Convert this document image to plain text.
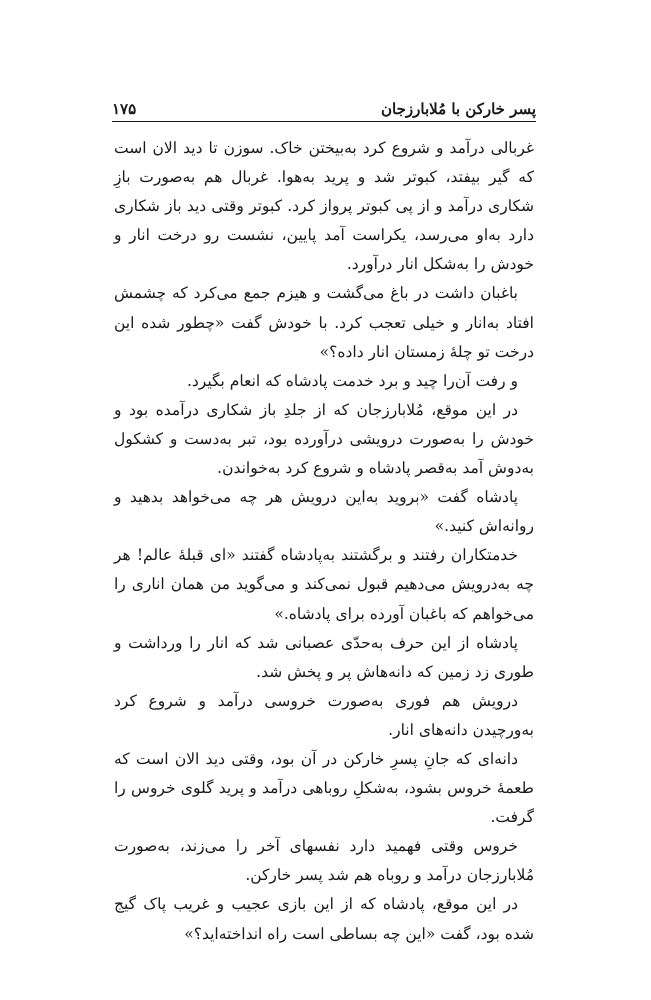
پسر خارکن با مُلابارزجان
۱۷۵

غربالی درآمد و شروع کرد به‌بیختن خاک. سوزن تا دید الان است که گیر بیفتد، کبوتر شد و پرید به‌هوا. غربال هم به‌صورت بازِ شکاری درآمد و از پی کبوتر پرواز کرد. کبوتر وقتی دید باز شکاری دارد به‌او می‌رسد، یکراست آمد پایین، نشست رو درخت انار و خودش را به‌شکل انار درآورد.

باغبان داشت در باغ می‌گشت و هیزم جمع می‌کرد که چشمش افتاد به‌انار و خیلی تعجب کرد. با خودش گفت «چطور شده این درخت تو چلهٔ زمستان انار داده؟»

و رفت آن‌را چید و برد خدمت پادشاه که انعام بگیرد.

در این موقع، مُلابارزجان که از جلدِ باز شکاری درآمده بود و خودش را به‌صورت درویشی درآورده بود، تبر به‌دست و کشکول به‌دوش آمد به‌قصر پادشاه و شروع کرد به‌خواندن.

پادشاه گفت «بروید به‌این درویش هر چه می‌خواهد بدهید و روانه‌اش کنید.»

خدمتکاران رفتند و برگشتند به‌پادشاه گفتند «ای قبلهٔ عالم! هر چه به‌درویش می‌دهیم قبول نمی‌کند و می‌گوید من همان اناری را می‌خواهم که باغبان آورده برای پادشاه.»

پادشاه از این حرف به‌حدّی عصبانی شد که انار را ورداشت و طوری زد زمین که دانه‌هاش پر و پخش شد.

درویش هم فوری به‌صورت خروسی درآمد و شروع کرد به‌ورچیدن دانه‌های انار.

دانه‌ای که جانِ پسرِ خارکن در آن بود، وقتی دید الان است که طعمهٔ خروس بشود، به‌شکلِ روباهی درآمد و پرید گلوی خروس را گرفت.

خروس وقتی فهمید دارد نفسهای آخر را می‌زند، به‌صورت مُلابارزجان درآمد و روباه هم شد پسر خارکن.

در این موقع، پادشاه که از این بازی عجیب و غریب پاک گیج شده بود، گفت «این چه بساطی است راه انداخته‌اید؟»
